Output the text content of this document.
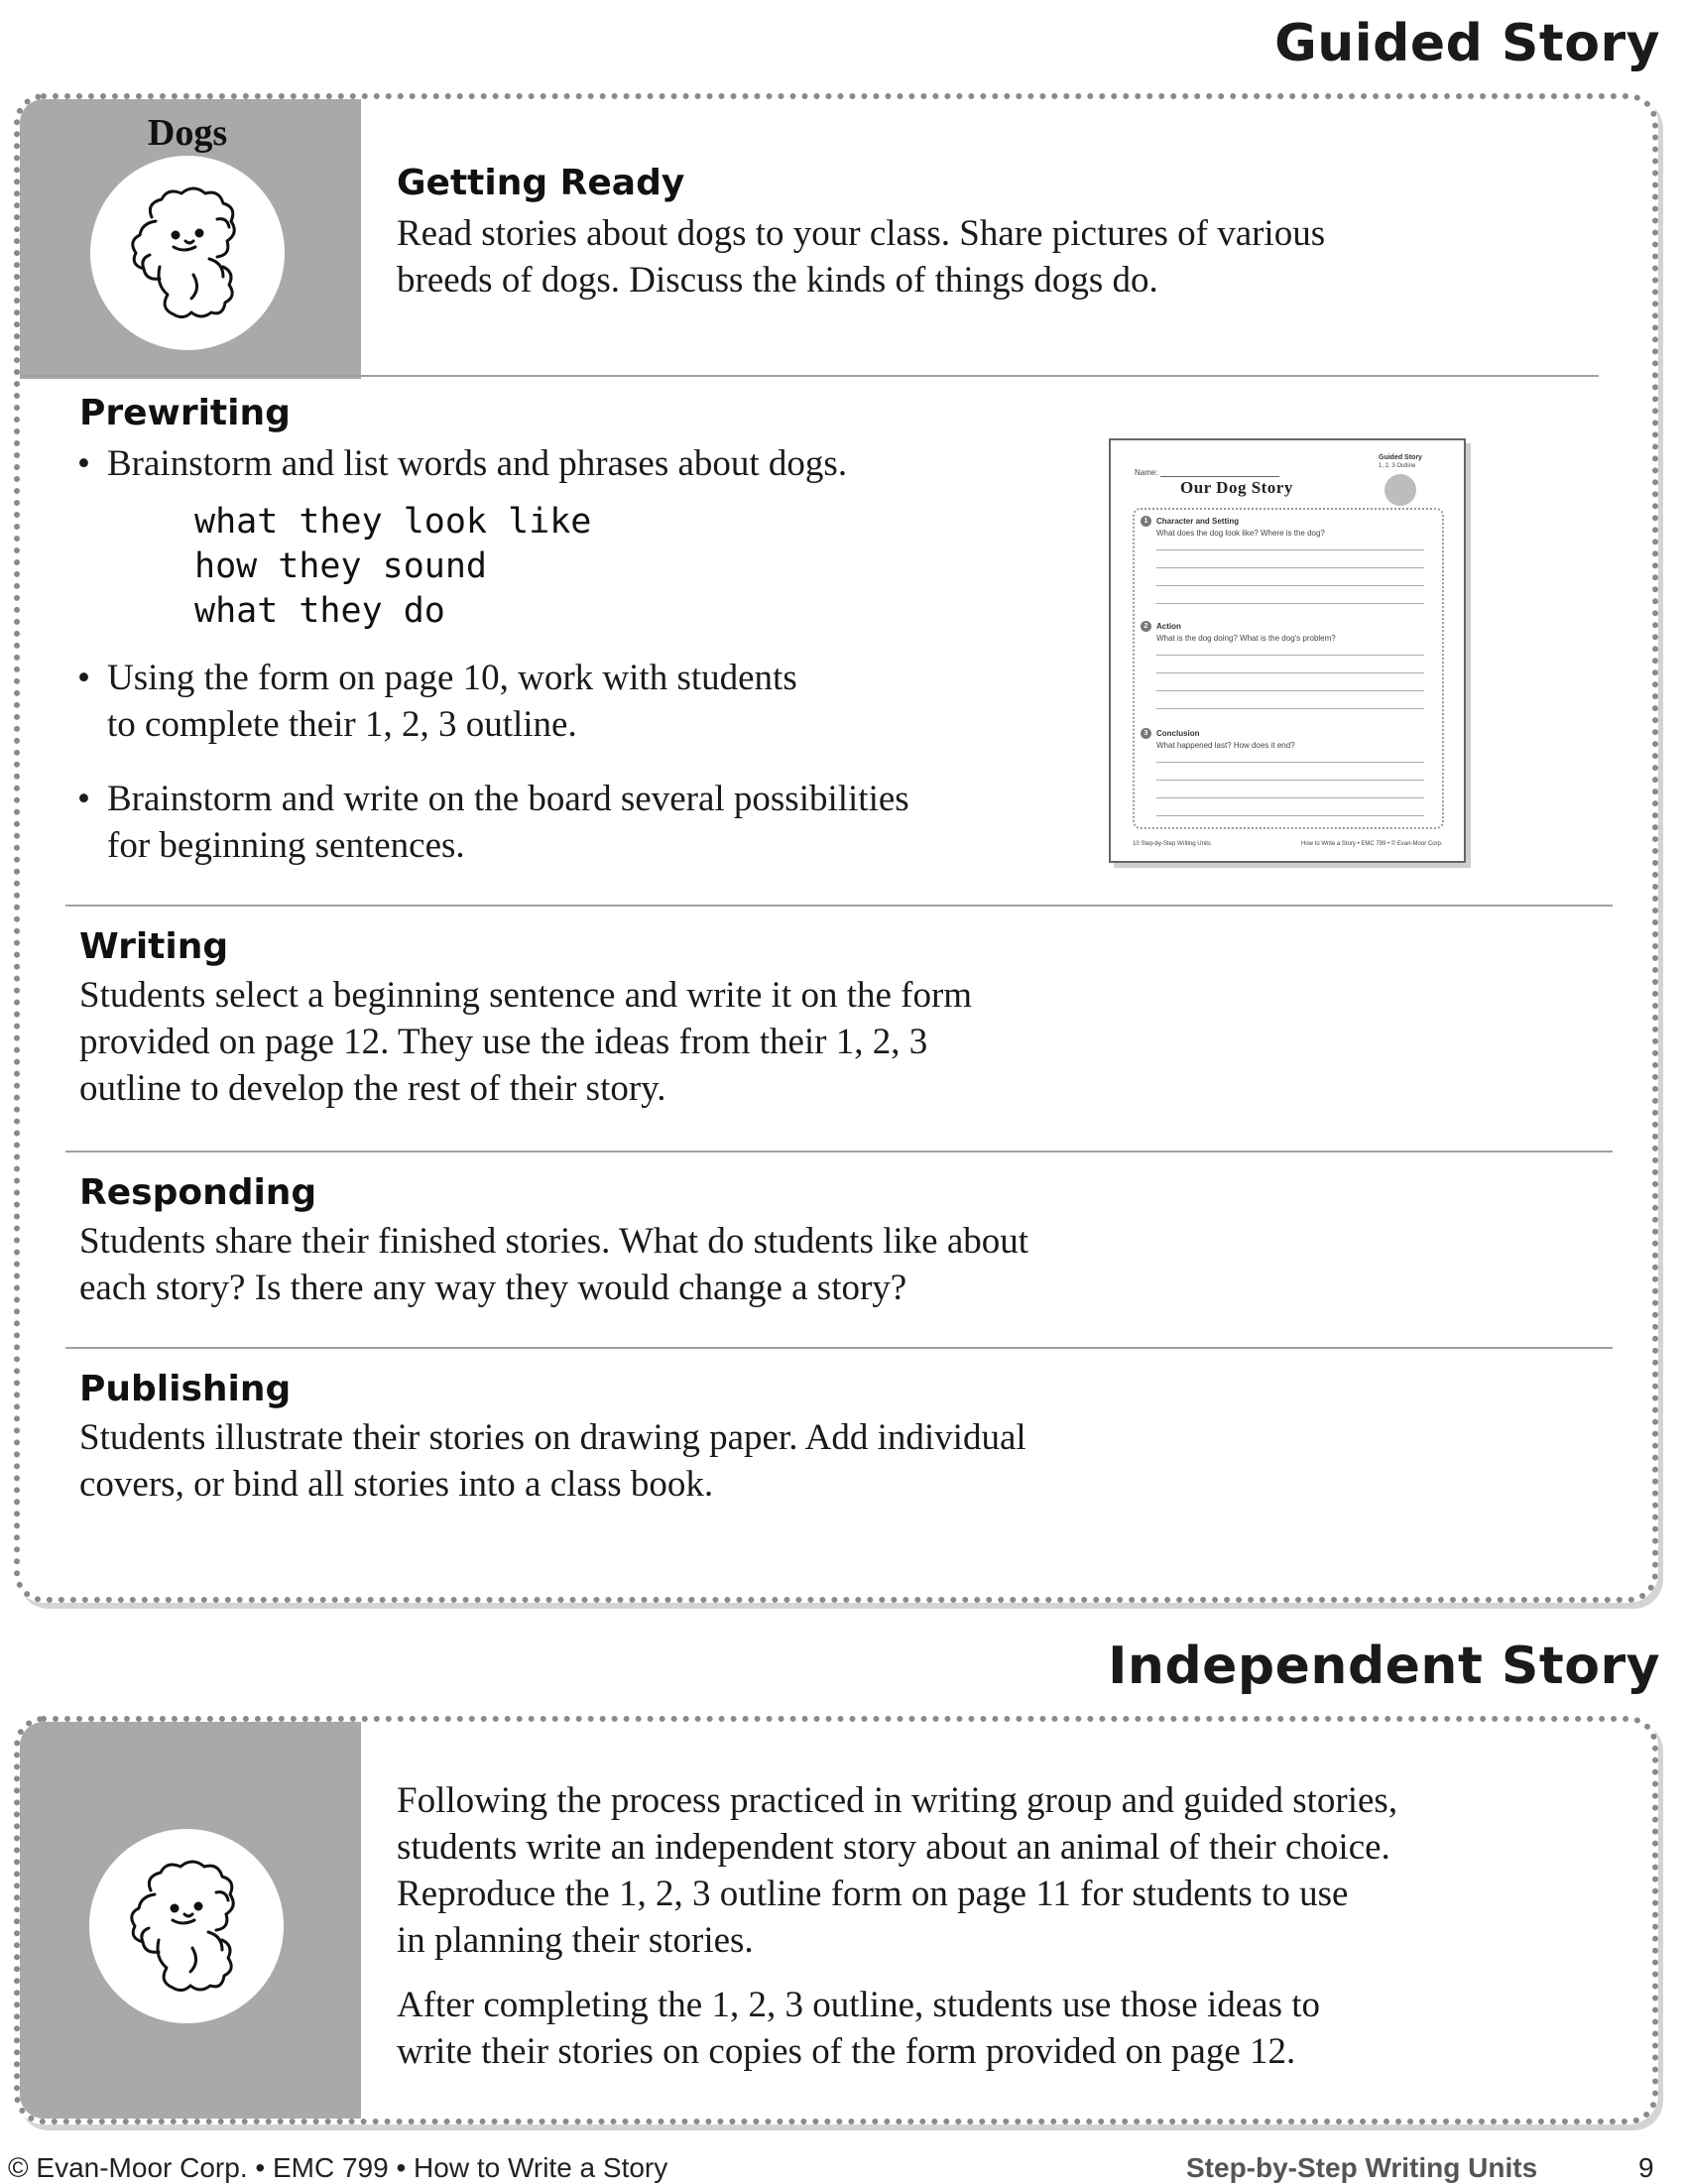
Guided Story
Dogs
Getting Ready
Read stories about dogs to your class. Share pictures of various
breeds of dogs. Discuss the kinds of things dogs do.
Prewriting
• Brainstorm and list words and phrases about dogs.
what they look like
how they sound
what they do
• Using the form on page 10, work with students
to complete their 1, 2, 3 outline.
• Brainstorm and write on the board several possibilities
for beginning sentences.
Name:
Guided Story
1, 2, 3 Outline
Our Dog Story
10 Step-by-Step Writing Units	How to Write a Story • EMC 799 • © Evan-Moor Corp.
1	Character and Setting
What does the dog look like? Where is the dog?
2	Action
What is the dog doing? What is the dog's problem?
3	Conclusion
What happened last? How does it end?
Writing
Students select a beginning sentence and write it on the form
provided on page 12. They use the ideas from their 1, 2, 3
outline to develop the rest of their story.
Responding
Students share their finished stories. What do students like about
each story? Is there any way they would change a story?
Publishing
Students illustrate their stories on drawing paper. Add individual
covers, or bind all stories into a class book.
Independent Story
Following the process practiced in writing group and guided stories,
students write an independent story about an animal of their choice.
Reproduce the 1, 2, 3 outline form on page 11 for students to use
in planning their stories.
After completing the 1, 2, 3 outline, students use those ideas to
write their stories on copies of the form provided on page 12.
© Evan-Moor Corp. • EMC 799 • How to Write a Story	Step-by-Step Writing Units	9
